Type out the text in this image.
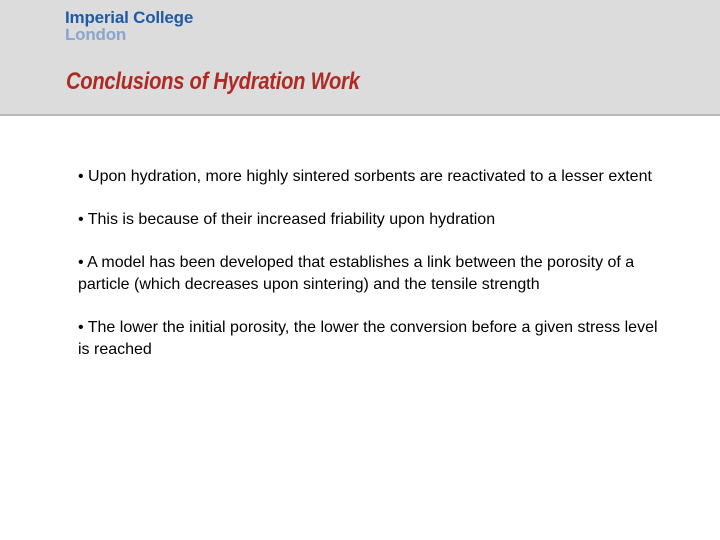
Imperial College
London
Conclusions of Hydration Work

• Upon hydration, more highly sintered sorbents are reactivated to a lesser extent

• This is because of their increased friability upon hydration

• A model has been developed that establishes a link between the porosity of a particle (which decreases upon sintering) and the tensile strength

• The lower the initial porosity, the lower the conversion before a given stress level is reached
